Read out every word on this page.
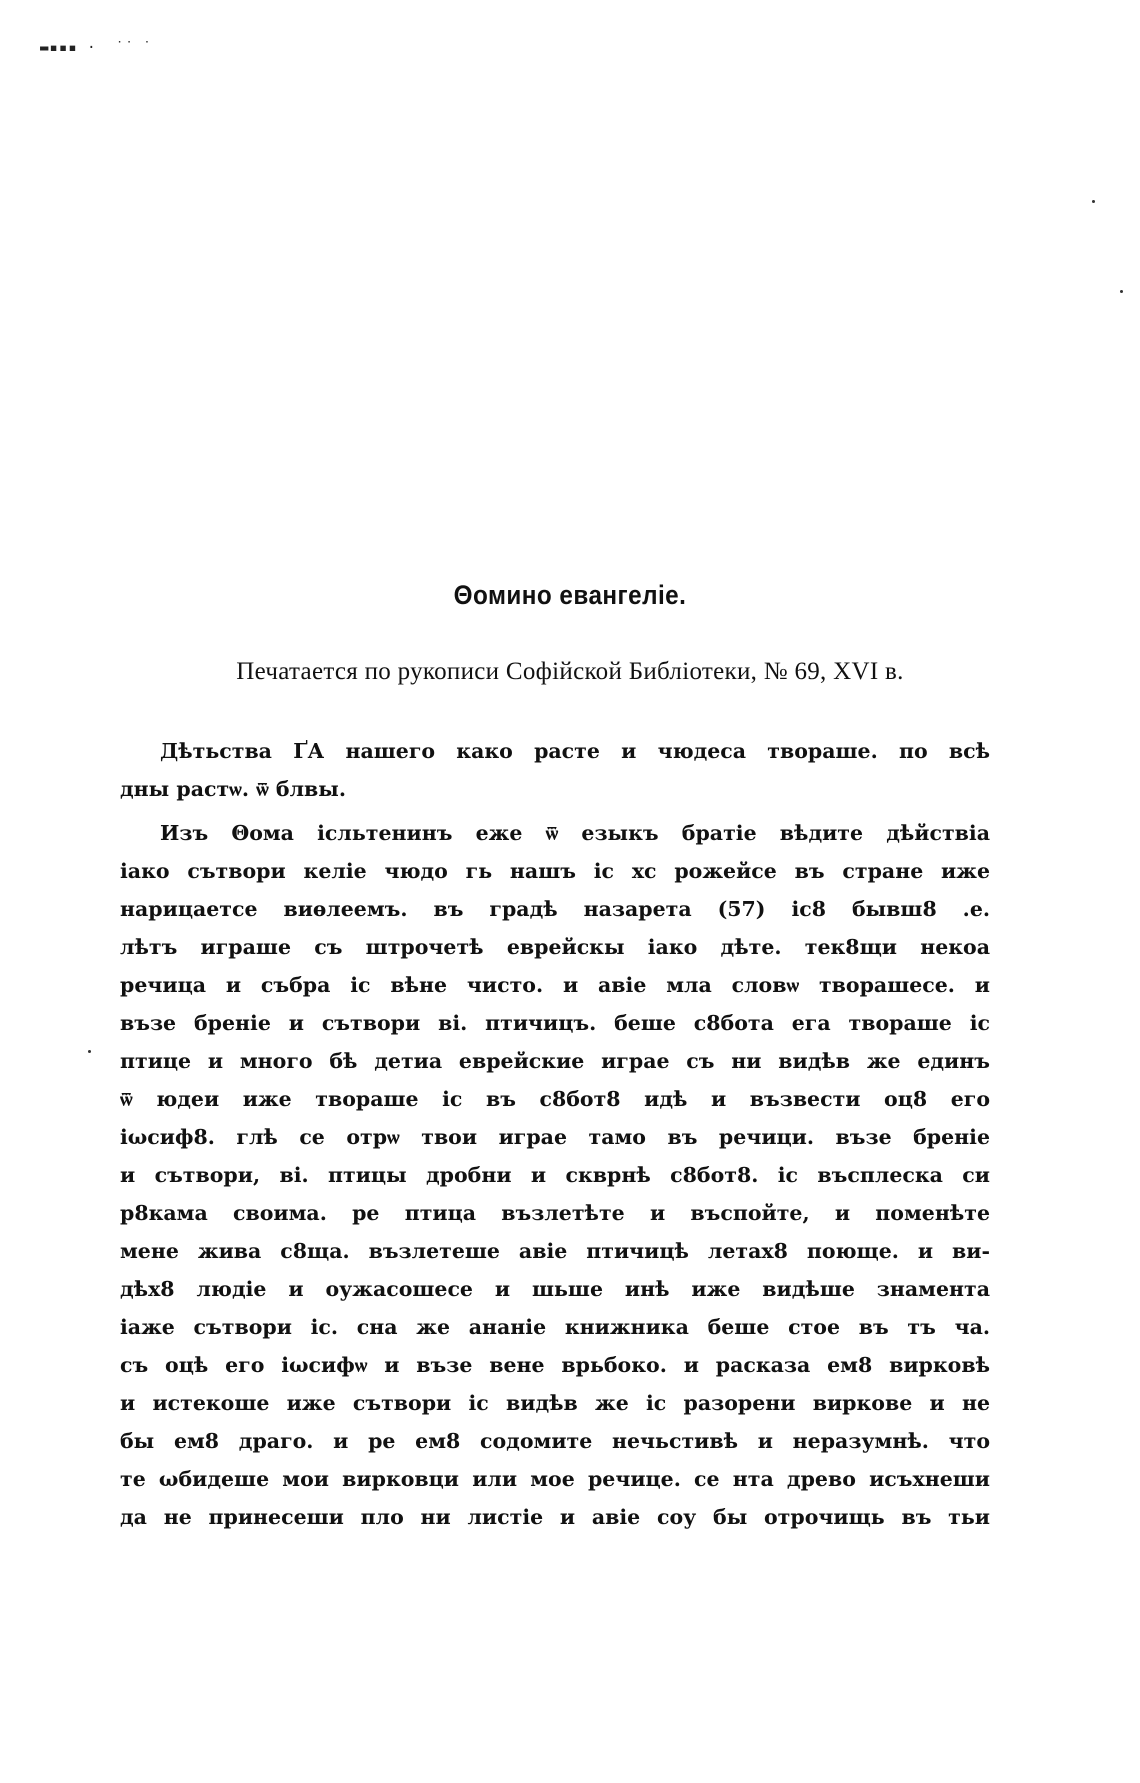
▬▪▪▪ ·  ˙˙ ̇
Θомино евангеліе.
Печатается по рукописи Софійской Библіотеки, № 69, XVI в.
Дѣтьства ҐА нашего како расте и чюдеса твораше. по всѣ
дны растѡ. ѿ блвы.
Изъ Θома ісльтенинъ еже ѿ езыкъ братіе вѣдите дѣйствіа
іако сътвори келіе чюдо гь нашъ іс хс рожейсе въ стране иже
нарицаетсе виѳлеемъ. въ градѣ назарета (57) іс8 бывш8 .е.
лѣтъ играше съ штрочетѣ еврейскы іако дѣте. тек8щи некоа
речица и събра іс вѣне чисто. и авіе мла словѡ творашесе. и
възе бреніе и сътвори ві. птичицъ. беше с8бота ега твораше іс
птице и много бѣ детиа еврейские играе съ ни видѣв же единъ
ѿ юдеи иже твораше іс въ с8бот8 идѣ и възвести оц8 его
іωсиф8. глѣ се отрѡ твои играе тамо въ речици. възе бреніе
и сътвори, ві. птицы дробни и скврнѣ с8бот8. іс въсплеска си
р8кама своима. ре птица възлетѣте и въспойте, и поменѣте
мене жива с8ща. възлетеше авіе птичицѣ летах8 поюще. и ви-
дѣх8 людіе и оужасошесе и шьше инѣ иже видѣше знамента
іаже сътвори іс. сна же ананіе книжника беше стое въ тъ ча.
съ оцѣ его іωсифѡ и възе вене врьбоко. и расказа ем8 вирковѣ
и истекоше иже сътвори іс видѣв же іс разорени вирковe и не
бы ем8 драго. и ре ем8 содомите нечьстивѣ и неразумнѣ. что
те ωбидеше мои вирковци или мое речице. се нта древо исъхнеши
да не принесеши пло ни листіе и авіе соу бы отрочищь въ тьи
